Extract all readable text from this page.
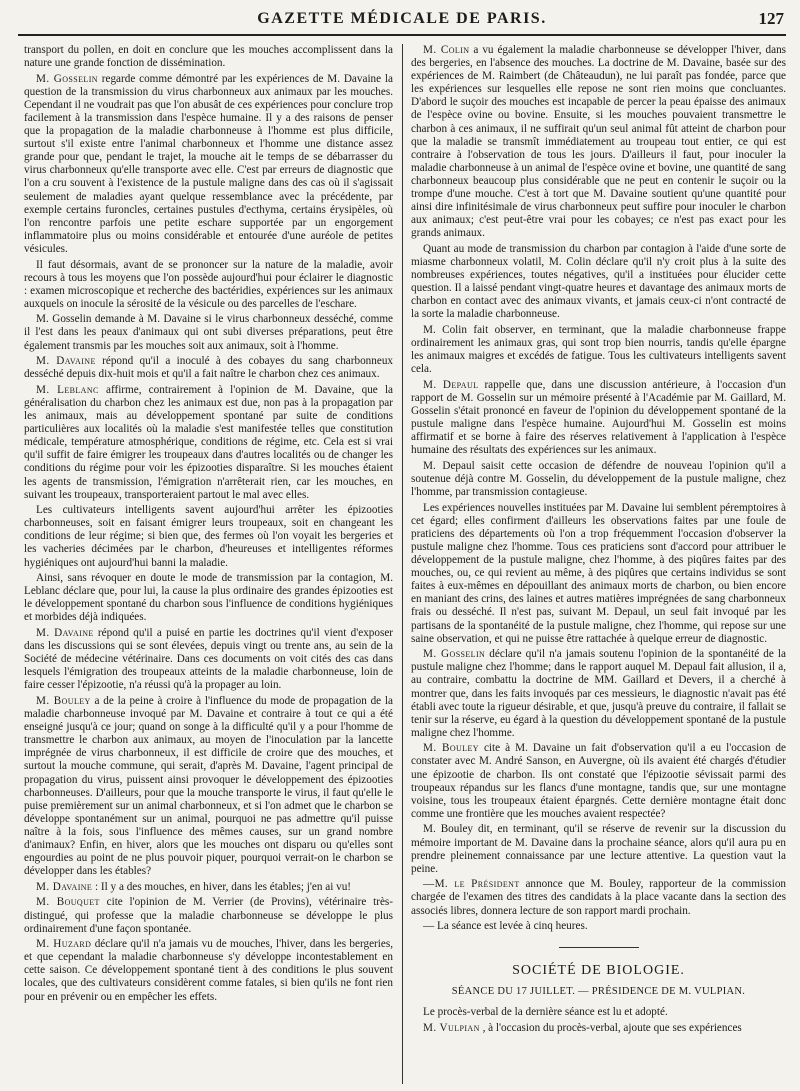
GAZETTE MÉDICALE DE PARIS.	127

transport du pollen, en doit en conclure que les mouches accomplissent dans la nature une grande fonction de dissémination.

M. Gosselin regarde comme démontré par les expériences de M. Davaine la question de la transmission du virus charbonneux aux animaux par les mouches. Cependant il ne voudrait pas que l'on abusât de ces expériences pour conclure trop facilement à la transmission dans l'espèce humaine. Il y a des raisons de penser que la propagation de la maladie charbonneuse à l'homme est plus difficile, surtout s'il existe entre l'animal charbonneux et l'homme une distance assez grande pour que, pendant le trajet, la mouche ait le temps de se débarrasser du virus charbonneux qu'elle transporte avec elle. C'est par erreurs de diagnostic que l'on a cru souvent à l'existence de la pustule maligne dans des cas où il s'agissait seulement de maladies ayant quelque ressemblance avec la précédente, par exemple certains furoncles, certaines pustules d'ecthyma, certains érysipèles, où l'on rencontre parfois une petite eschare supportée par un engorgement inflammatoire plus ou moins considérable et entourée d'une auréole de petites vésicules.

Il faut désormais, avant de se prononcer sur la nature de la maladie, avoir recours à tous les moyens que l'on possède aujourd'hui pour éclairer le diagnostic : examen microscopique et recherche des bactéridies, expériences sur les animaux auxquels on inocule la sérosité de la vésicule ou des parcelles de l'eschare.

M. Gosselin demande à M. Davaine si le virus charbonneux desséché, comme il l'est dans les peaux d'animaux qui ont subi diverses préparations, peut être également transmis par les mouches soit aux animaux, soit à l'homme.

M. Davaine répond qu'il a inoculé à des cobayes du sang charbonneux desséché depuis dix-huit mois et qu'il a fait naître le charbon chez ces animaux.

M. Leblanc affirme, contrairement à l'opinion de M. Davaine, que la généralisation du charbon chez les animaux est due, non pas à la propagation par les animaux, mais au développement spontané par suite de conditions particulières aux localités où la maladie s'est manifestée telles que constitution médicale, température atmosphérique, conditions de régime, etc. Cela est si vrai qu'il suffit de faire émigrer les troupeaux dans d'autres localités ou de changer les conditions du régime pour voir les épizooties disparaître. Si les mouches étaient les agents de transmission, l'émigration n'arrêterait rien, car les mouches, en suivant les troupeaux, transporteraient partout le mal avec elles.

Les cultivateurs intelligents savent aujourd'hui arrêter les épizooties charbonneuses, soit en faisant émigrer leurs troupeaux, soit en changeant les conditions de leur régime; si bien que, des fermes où l'on voyait les bergeries et les vacheries décimées par le charbon, d'heureuses et intelligentes réformes hygiéniques ont aujourd'hui banni la maladie.

Ainsi, sans révoquer en doute le mode de transmission par la contagion, M. Leblanc déclare que, pour lui, la cause la plus ordinaire des grandes épizooties est le développement spontané du charbon sous l'influence de conditions hygiéniques et morbides déjà indiquées.

M. Davaine répond qu'il a puisé en partie les doctrines qu'il vient d'exposer dans les discussions qui se sont élevées, depuis vingt ou trente ans, au sein de la Société de médecine vétérinaire. Dans ces documents on voit cités des cas dans lesquels l'émigration des troupeaux atteints de la maladie charbonneuse, loin de faire cesser l'épizootie, n'a réussi qu'à la propager au loin.

M. Bouley a de la peine à croire à l'influence du mode de propagation de la maladie charbonneuse invoqué par M. Davaine et contraire à tout ce qui a été enseigné jusqu'à ce jour; quand on songe à la difficulté qu'il y a pour l'homme de transmettre le charbon aux animaux, au moyen de l'inoculation par la lancette imprégnée de virus charbonneux, il est difficile de croire que des mouches, et surtout la mouche commune, qui serait, d'après M. Davaine, l'agent principal de propagation du virus, puissent ainsi provoquer le développement des épizooties charbonneuses. D'ailleurs, pour que la mouche transporte le virus, il faut qu'elle le puise premièrement sur un animal charbonneux, et si l'on admet que le charbon se développe spontanément sur un animal, pourquoi ne pas admettre qu'il puisse naître à la fois, sous l'influence des mêmes causes, sur un grand nombre d'animaux? Enfin, en hiver, alors que les mouches ont disparu ou qu'elles sont engourdies au point de ne plus pouvoir piquer, pourquoi verrait-on le charbon se développer dans les étables?

M. Davaine : Il y a des mouches, en hiver, dans les étables; j'en ai vu!

M. Bouquet cite l'opinion de M. Verrier (de Provins), vétérinaire très-distingué, qui professe que la maladie charbonneuse se développe le plus ordinairement d'une façon spontanée.

M. Huzard déclare qu'il n'a jamais vu de mouches, l'hiver, dans les bergeries, et que cependant la maladie charbonneuse s'y développe incontestablement en cette saison. Ce développement spontané tient à des conditions le plus souvent locales, que des cultivateurs considèrent comme fatales, si bien qu'ils ne font rien pour en prévenir ou en empêcher les effets.

M. Colin a vu également la maladie charbonneuse se développer l'hiver, dans des bergeries, en l'absence des mouches. La doctrine de M. Davaine, basée sur des expériences de M. Raimbert (de Châteaudun), ne lui paraît pas fondée, parce que les expériences sur lesquelles elle repose ne sont rien moins que concluantes. D'abord le suçoir des mouches est incapable de percer la peau épaisse des animaux de l'espèce ovine ou bovine. Ensuite, si les mouches pouvaient transmettre le charbon à ces animaux, il ne suffirait qu'un seul animal fût atteint de charbon pour que la maladie se transmît immédiatement au troupeau tout entier, ce qui est contraire à l'observation de tous les jours. D'ailleurs il faut, pour inoculer la maladie charbonneuse à un animal de l'espèce ovine et bovine, une quantité de sang charbonneux beaucoup plus considérable que ne peut en contenir le suçoir ou la trompe d'une mouche. C'est à tort que M. Davaine soutient qu'une quantité pour ainsi dire infinitésimale de virus charbonneux peut suffire pour inoculer le charbon aux animaux; c'est peut-être vrai pour les cobayes; ce n'est pas exact pour les grands animaux.

Quant au mode de transmission du charbon par contagion à l'aide d'une sorte de miasme charbonneux volatil, M. Colin déclare qu'il n'y croit plus à la suite des nombreuses expériences, toutes négatives, qu'il a instituées pour élucider cette question. Il a laissé pendant vingt-quatre heures et davantage des animaux morts de charbon en contact avec des animaux vivants, et jamais ceux-ci n'ont contracté de la sorte la maladie charbonneuse.

M. Colin fait observer, en terminant, que la maladie charbonneuse frappe ordinairement les animaux gras, qui sont trop bien nourris, tandis qu'elle épargne les animaux maigres et excédés de fatigue. Tous les cultivateurs intelligents savent cela.

M. Depaul rappelle que, dans une discussion antérieure, à l'occasion d'un rapport de M. Gosselin sur un mémoire présenté à l'Académie par M. Gaillard, M. Gosselin s'était prononcé en faveur de l'opinion du développement spontané de la pustule maligne dans l'espèce humaine. Aujourd'hui M. Gosselin est moins affirmatif et se borne à faire des réserves relativement à l'application à l'espèce humaine des résultats des expériences sur les animaux.

M. Depaul saisit cette occasion de défendre de nouveau l'opinion qu'il a soutenue déjà contre M. Gosselin, du développement de la pustule maligne, chez l'homme, par transmission contagieuse.

Les expériences nouvelles instituées par M. Davaine lui semblent péremptoires à cet égard; elles confirment d'ailleurs les observations faites par une foule de praticiens des départements où l'on a trop fréquemment l'occasion d'observer la pustule maligne chez l'homme. Tous ces praticiens sont d'accord pour attribuer le développement de la pustule maligne, chez l'homme, à des piqûres faites par des mouches, ou, ce qui revient au même, à des piqûres que certains individus se sont faites à eux-mêmes en dépouillant des animaux morts de charbon, ou bien encore en maniant des crins, des laines et autres matières imprégnées de sang charbonneux frais ou desséché. Il n'est pas, suivant M. Depaul, un seul fait invoqué par les partisans de la spontanéité de la pustule maligne, chez l'homme, qui repose sur une saine observation, et qui ne puisse être rattachée à quelque erreur de diagnostic.

M. Gosselin déclare qu'il n'a jamais soutenu l'opinion de la spontanéité de la pustule maligne chez l'homme; dans le rapport auquel M. Depaul fait allusion, il a, au contraire, combattu la doctrine de MM. Gaillard et Devers, il a cherché à montrer que, dans les faits invoqués par ces messieurs, le diagnostic n'avait pas été établi avec toute la rigueur désirable, et que, jusqu'à preuve du contraire, il fallait se tenir sur la réserve, eu égard à la question du développement spontané de la pustule maligne chez l'homme.

M. Bouley cite à M. Davaine un fait d'observation qu'il a eu l'occasion de constater avec M. André Sanson, en Auvergne, où ils avaient été chargés d'étudier une épizootie de charbon. Ils ont constaté que l'épizootie sévissait parmi des troupeaux répandus sur les flancs d'une montagne, tandis que, sur une montagne voisine, tous les troupeaux étaient épargnés. Cette dernière montagne était donc comme une frontière que les mouches avaient respectée?

M. Bouley dit, en terminant, qu'il se réserve de revenir sur la discussion du mémoire important de M. Davaine dans la prochaine séance, alors qu'il aura pu en prendre pleinement connaissance par une lecture attentive. La question vaut la peine.

—M. le Président annonce que M. Bouley, rapporteur de la commission chargée de l'examen des titres des candidats à la place vacante dans la section des associés libres, donnera lecture de son rapport mardi prochain.

— La séance est levée à cinq heures.

SOCIÉTÉ DE BIOLOGIE.
SÉANCE DU 17 JUILLET. — PRÉSIDENCE DE M. VULPIAN.

Le procès-verbal de la dernière séance est lu et adopté.

M. Vulpian , à l'occasion du procès-verbal, ajoute que ses expériences
